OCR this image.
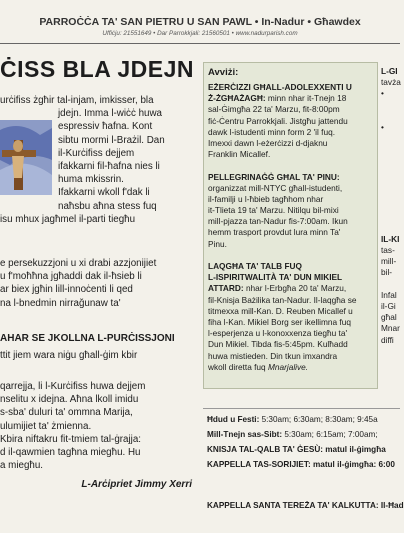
PARROĊĊA TA' SAN PIETRU U SAN PAWL • In-Nadur • Għawdex
Uffiċju: 21551649 • Dar Parrokkjali: 21560501 • www.nadurparish.com
ĊISS BLA JDEJN
urċifiss żgħir tal-injam, imkisser, bla
jdejn. Imma l-wiċċ huwa
espressiv ħafna. Kont
sibtu mormi l-Brażil. Dan
il-Kurċifiss dejjem
ifakkarni fil-ħafna nies li
huma mkissrin.
Ifakkarni wkoll f'dak li
naħsbu aħna stess fuq
isu mhux jagħmel il-parti tiegħu
e persekuzzjoni u xi drabi azzjonijiet
u f'moħħna jgħaddi dak il-ħsieb li
ar biex jgħin lill-innoċenti li qed
na l-bnedmin nirrağunaw ta'
AHAR SE JKOLLNA L-PURĊISSJONI
ttit jiem wara niġu għall-ġim kbir
qarrejja, li l-Kurċifiss huwa dejjem
nselitu x idejna. Aħna lkoll imidu
s-sba' duluri ta' ommna Marija,
ulumijiet ta' żmienna.
Kbira niftakru fit-tmiem tal-ġrajja:
d il-qawmien tagħna miegħu. Hu
a miegħu.
L-Arċipriet Jimmy Xerri
Avviżi:
EŻERĊIZZI GĦALL-ADOLEXXENTI U
Ż-ŻGĦAŻAGĦ: minn nhar it-Tnejn 18
sal-Ġimgħa 22 ta' Marzu, fit-8:00pm
fiċ-Ċentru Parrokkjali. Jistgħu jattendu
dawk l-istudenti minn form 2 'il fuq.
Imexxi dawn l-eżerċizzi d-djaknu
Franklin Micallef.
PELLEGRINAĠĠ GĦAL TA' PINU:
organizzat mill-NTYC għall-istudenti,
il-familji u l-ħbieb tagħhom nhar
it-Tlieta 19 ta' Marzu. Nitilqu bil-mixi
mill-pjazza tan-Nadur fis-7:00am. Ikun
hemm trasport provdut lura minn Ta'
Pinu.
LAQGĦA TA' TALB FUQ
L-ISPIRITWALITÀ TA' DUN MIKIEL
ATTARD: nhar l-Erbgħa 20 ta' Marzu,
fil-Knisja Bażilika tan-Nadur. Il-laqgħa se
titmexxa mill-Kan. D. Reuben Micallef u
fiha l-Kan. Mikiel Borg ser ikellimna fuq
l-esperjenza u l-konoxxenza tiegħu ta'
Dun Mikiel. Tibda fis-5:45pm. Kulħadd
huwa mistieden. Din tkun imxandra
wkoll diretta fuq Mnarjalive.
L-GI
tavża
•
•
IL-KI
tas-
mill-
bil-
Infal
il-Gi
għal
Mnar
diffi
Ħdud u Festi: 5:30am; 6:30am; 8:30am; 9:45a
Mill-Tnejn sas-Sibt: 5:30am; 6:15am; 7:00am;
KNISJA TAL-QALB TA' ĠESÙ: matul il-ġimgħa
KAPPELLA TAS-SORIJIET: matul il-ġimgħa: 6:00
KAPPELLA SANTA TEREŻA TA' KALKUTTA: Il-Ħad
